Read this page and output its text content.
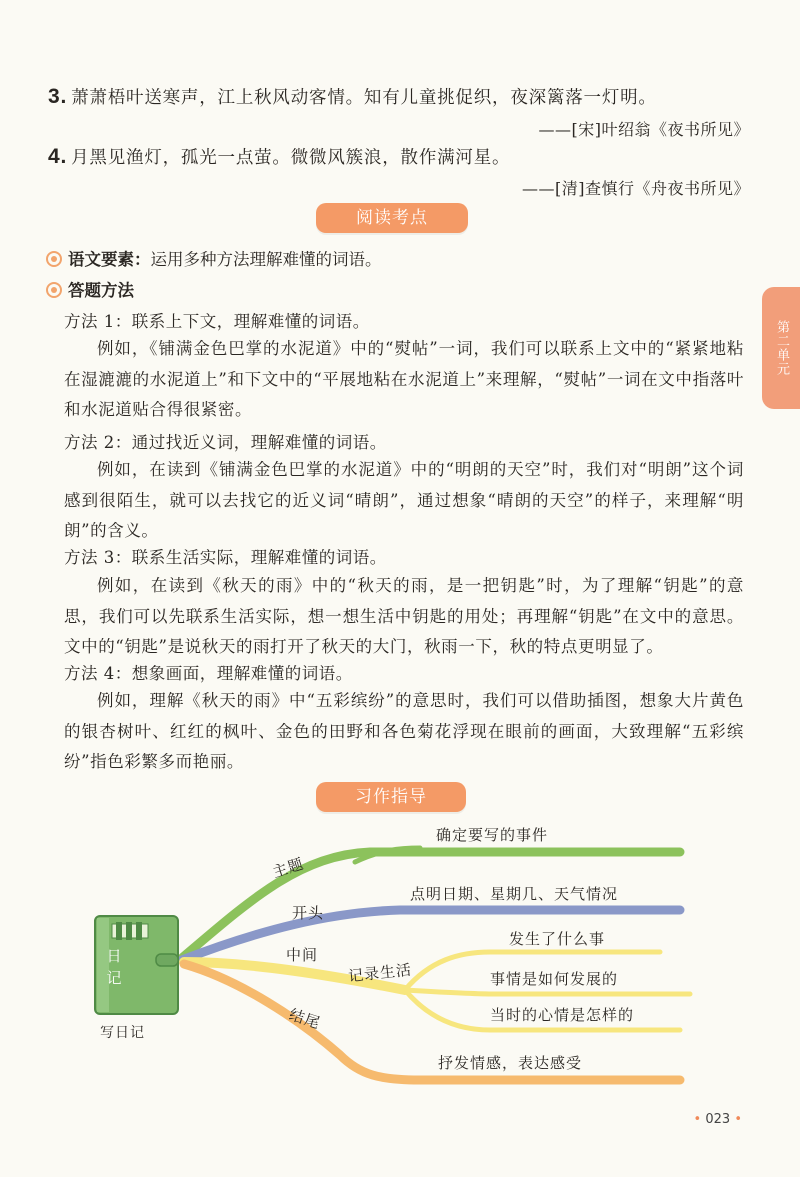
3. 萧萧梧叶送寒声，江上秋风动客情。知有儿童挑促织，夜深篱落一灯明。
——[宋]叶绍翁《夜书所见》
4. 月黑见渔灯，孤光一点萤。微微风簇浪，散作满河星。
——[清]查慎行《舟夜书所见》
阅读考点
语文要素：运用多种方法理解难懂的词语。
答题方法
方法 1：联系上下文，理解难懂的词语。
例如，《铺满金色巴掌的水泥道》中的“熨帖”一词，我们可以联系上文中的“紧紧地粘在湿漉漉的水泥道上”和下文中的“平展地粘在水泥道上”来理解，“熨帖”一词在文中指落叶和水泥道贴合得很紧密。
方法 2：通过找近义词，理解难懂的词语。
例如，在读到《铺满金色巴掌的水泥道》中的“明朗的天空”时，我们对“明朗”这个词感到很陌生，就可以去找它的近义词“晴朗”，通过想象“晴朗的天空”的样子，来理解“明朗”的含义。
方法 3：联系生活实际，理解难懂的词语。
例如，在读到《秋天的雨》中的“秋天的雨，是一把钥匙”时，为了理解“钥匙”的意思，我们可以先联系生活实际，想一想生活中钥匙的用处；再理解“钥匙”在文中的意思。文中的“钥匙”是说秋天的雨打开了秋天的大门，秋雨一下，秋的特点更明显了。
方法 4：想象画面，理解难懂的词语。
例如，理解《秋天的雨》中“五彩缤纷”的意思时，我们可以借助插图，想象大片黄色的银杏树叶、红红的枫叶、金色的田野和各色菊花浮现在眼前的画面，大致理解“五彩缤纷”指色彩繁多而艳丽。
第二单元
习作指导
日记
写日记
主题
确定要写的事件
开头
点明日期、星期几、天气情况
中间
记录生活
发生了什么事
事情是如何发展的
当时的心情是怎样的
结尾
抒发情感，表达感受
• 023 •
